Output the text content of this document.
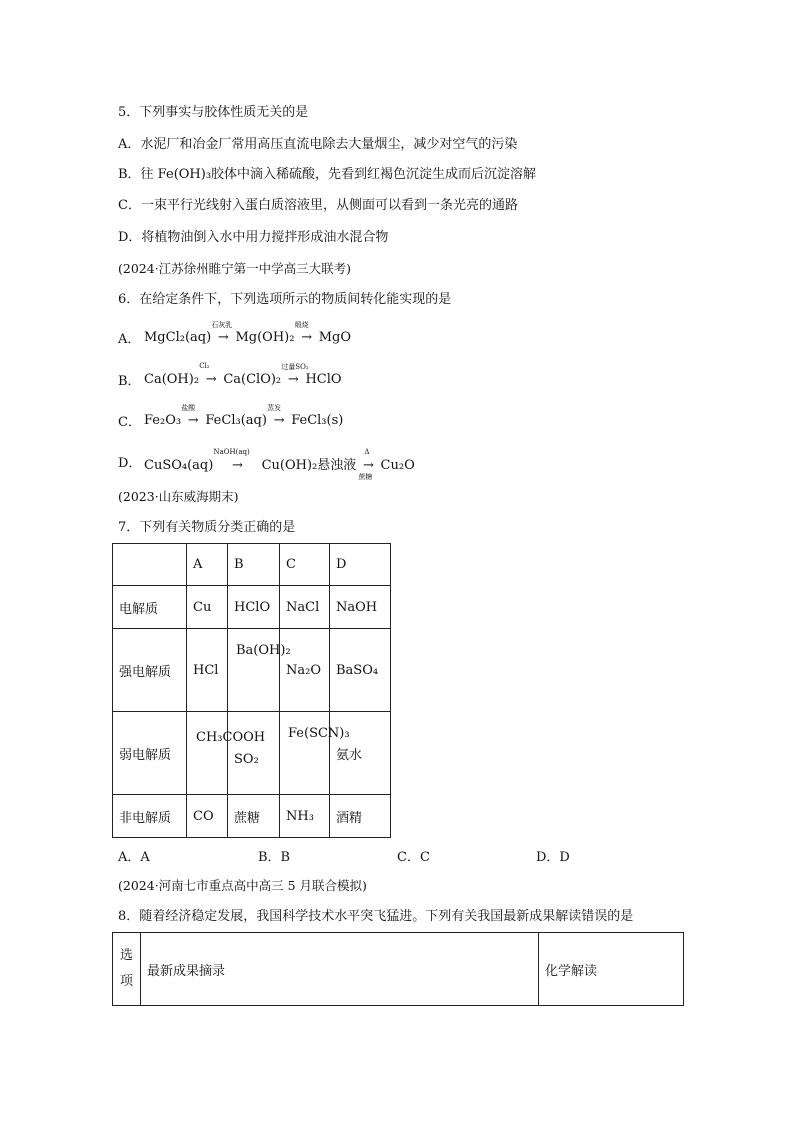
5．下列事实与胶体性质无关的是
A．水泥厂和冶金厂常用高压直流电除去大量烟尘，减少对空气的污染
B．往 Fe(OH)₃胶体中滴入稀硫酸，先看到红褐色沉淀生成而后沉淀溶解
C．一束平行光线射入蛋白质溶液里，从侧面可以看到一条光亮的通路
D．将植物油倒入水中用力搅拌形成油水混合物
(2024·江苏徐州睢宁第一中学高三大联考)
6．在给定条件下，下列选项所示的物质间转化能实现的是
A． MgCl₂(aq) →
石灰乳
Mg(OH)₂ →
煅烧
MgO
B． Ca(OH)₂ →
Cl₂
Ca(ClO)₂ →
过量SO₂
HClO
C． Fe₂O₃ →
盐酸
FeCl₃(aq) →
蒸发
FeCl₃(s)
D． CuSO₄(aq) →
NaOH(aq)
Cu(OH)₂悬浊液 →
Δ
蔗糖
Cu₂O
(2023·山东威海期末)
7．下列有关物质分类正确的是
	A	B	C	D
电解质	Cu	HClO	NaCl	NaOH
强电解质	HCl	Ba(OH)₂	Na₂O	BaSO₄
弱电解质	CH₃COOH	SO₂	Fe(SCN)₃	氨水
非电解质	CO	蔗糖	NH₃	酒精
A．A	B．B	C．C	D．D
(2024·河南七市重点高中高三 5 月联合模拟)
8．随着经济稳定发展，我国科学技术水平突飞猛进。下列有关我国最新成果解读错误的是
选
项	最新成果摘录	化学解读
